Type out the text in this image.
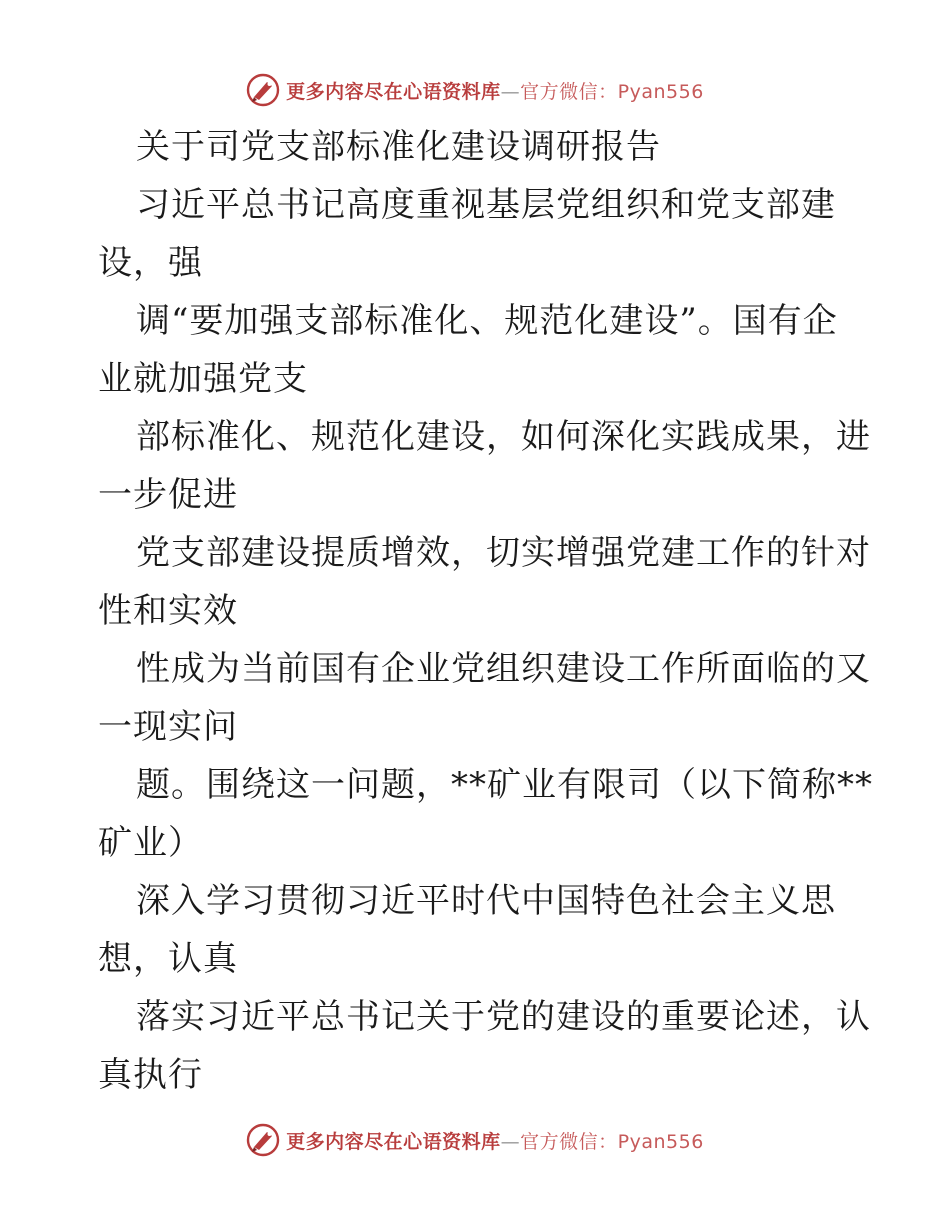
更多内容尽在心语资料库—官方微信：Pyan556
关于司党支部标准化建设调研报告
习近平总书记高度重视基层党组织和党支部建
设，强
调“要加强支部标准化、规范化建设”。国有企
业就加强党支
部标准化、规范化建设，如何深化实践成果，进
一步促进
党支部建设提质增效，切实增强党建工作的针对
性和实效
性成为当前国有企业党组织建设工作所面临的又
一现实问
题。围绕这一问题，**矿业有限司（以下简称**
矿业）
深入学习贯彻习近平时代中国特色社会主义思
想，认真
落实习近平总书记关于党的建设的重要论述，认
真执行
更多内容尽在心语资料库—官方微信：Pyan556
